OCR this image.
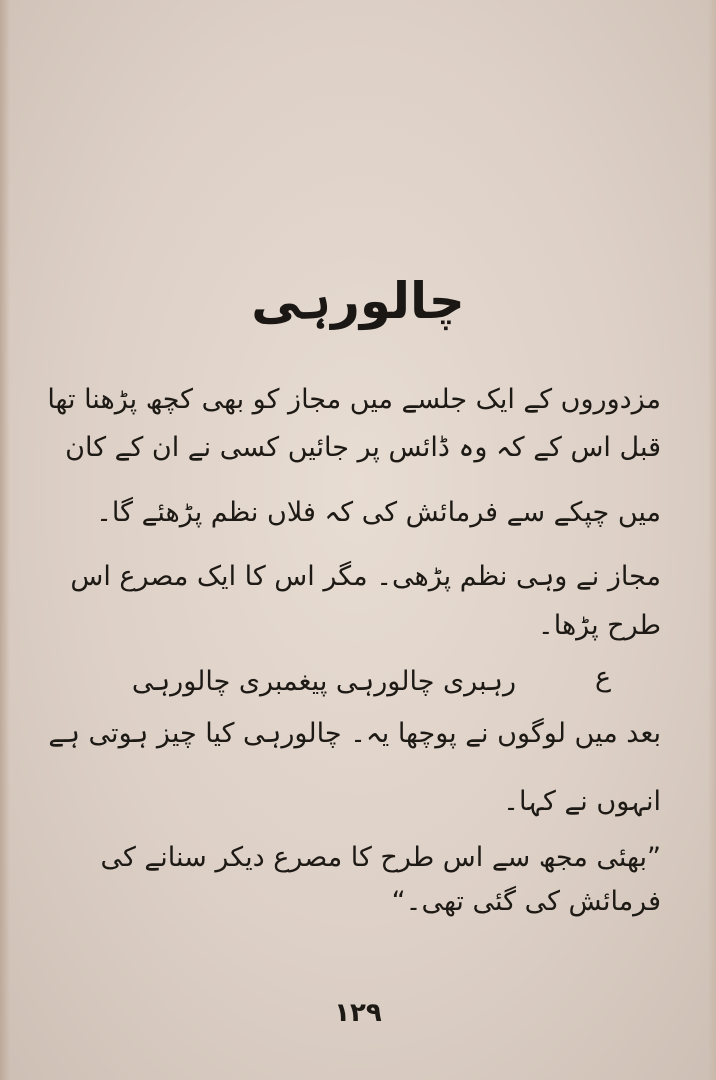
چالورہی
مزدوروں کے ایک جلسے میں مجاز کو بھی کچھ پڑھنا تھا
قبل اس کے کہ وہ ڈائس پر جائیں کسی نے ان کے کان
میں چپکے سے فرمائش کی کہ فلاں نظم پڑھئے گا۔
مجاز نے وہی نظم پڑھی۔ مگر اس کا ایک مصرع اس
طرح پڑھا۔
ع
رہبری چالورہی پیغمبری چالورہی
بعد میں لوگوں نے پوچھا یہ۔ چالورہی کیا چیز ہوتی ہے
انہوں نے کہا۔
”بھئی مجھ سے اس طرح کا مصرع دیکر سنانے کی
فرمائش کی گئی تھی۔“
۱۲۹
